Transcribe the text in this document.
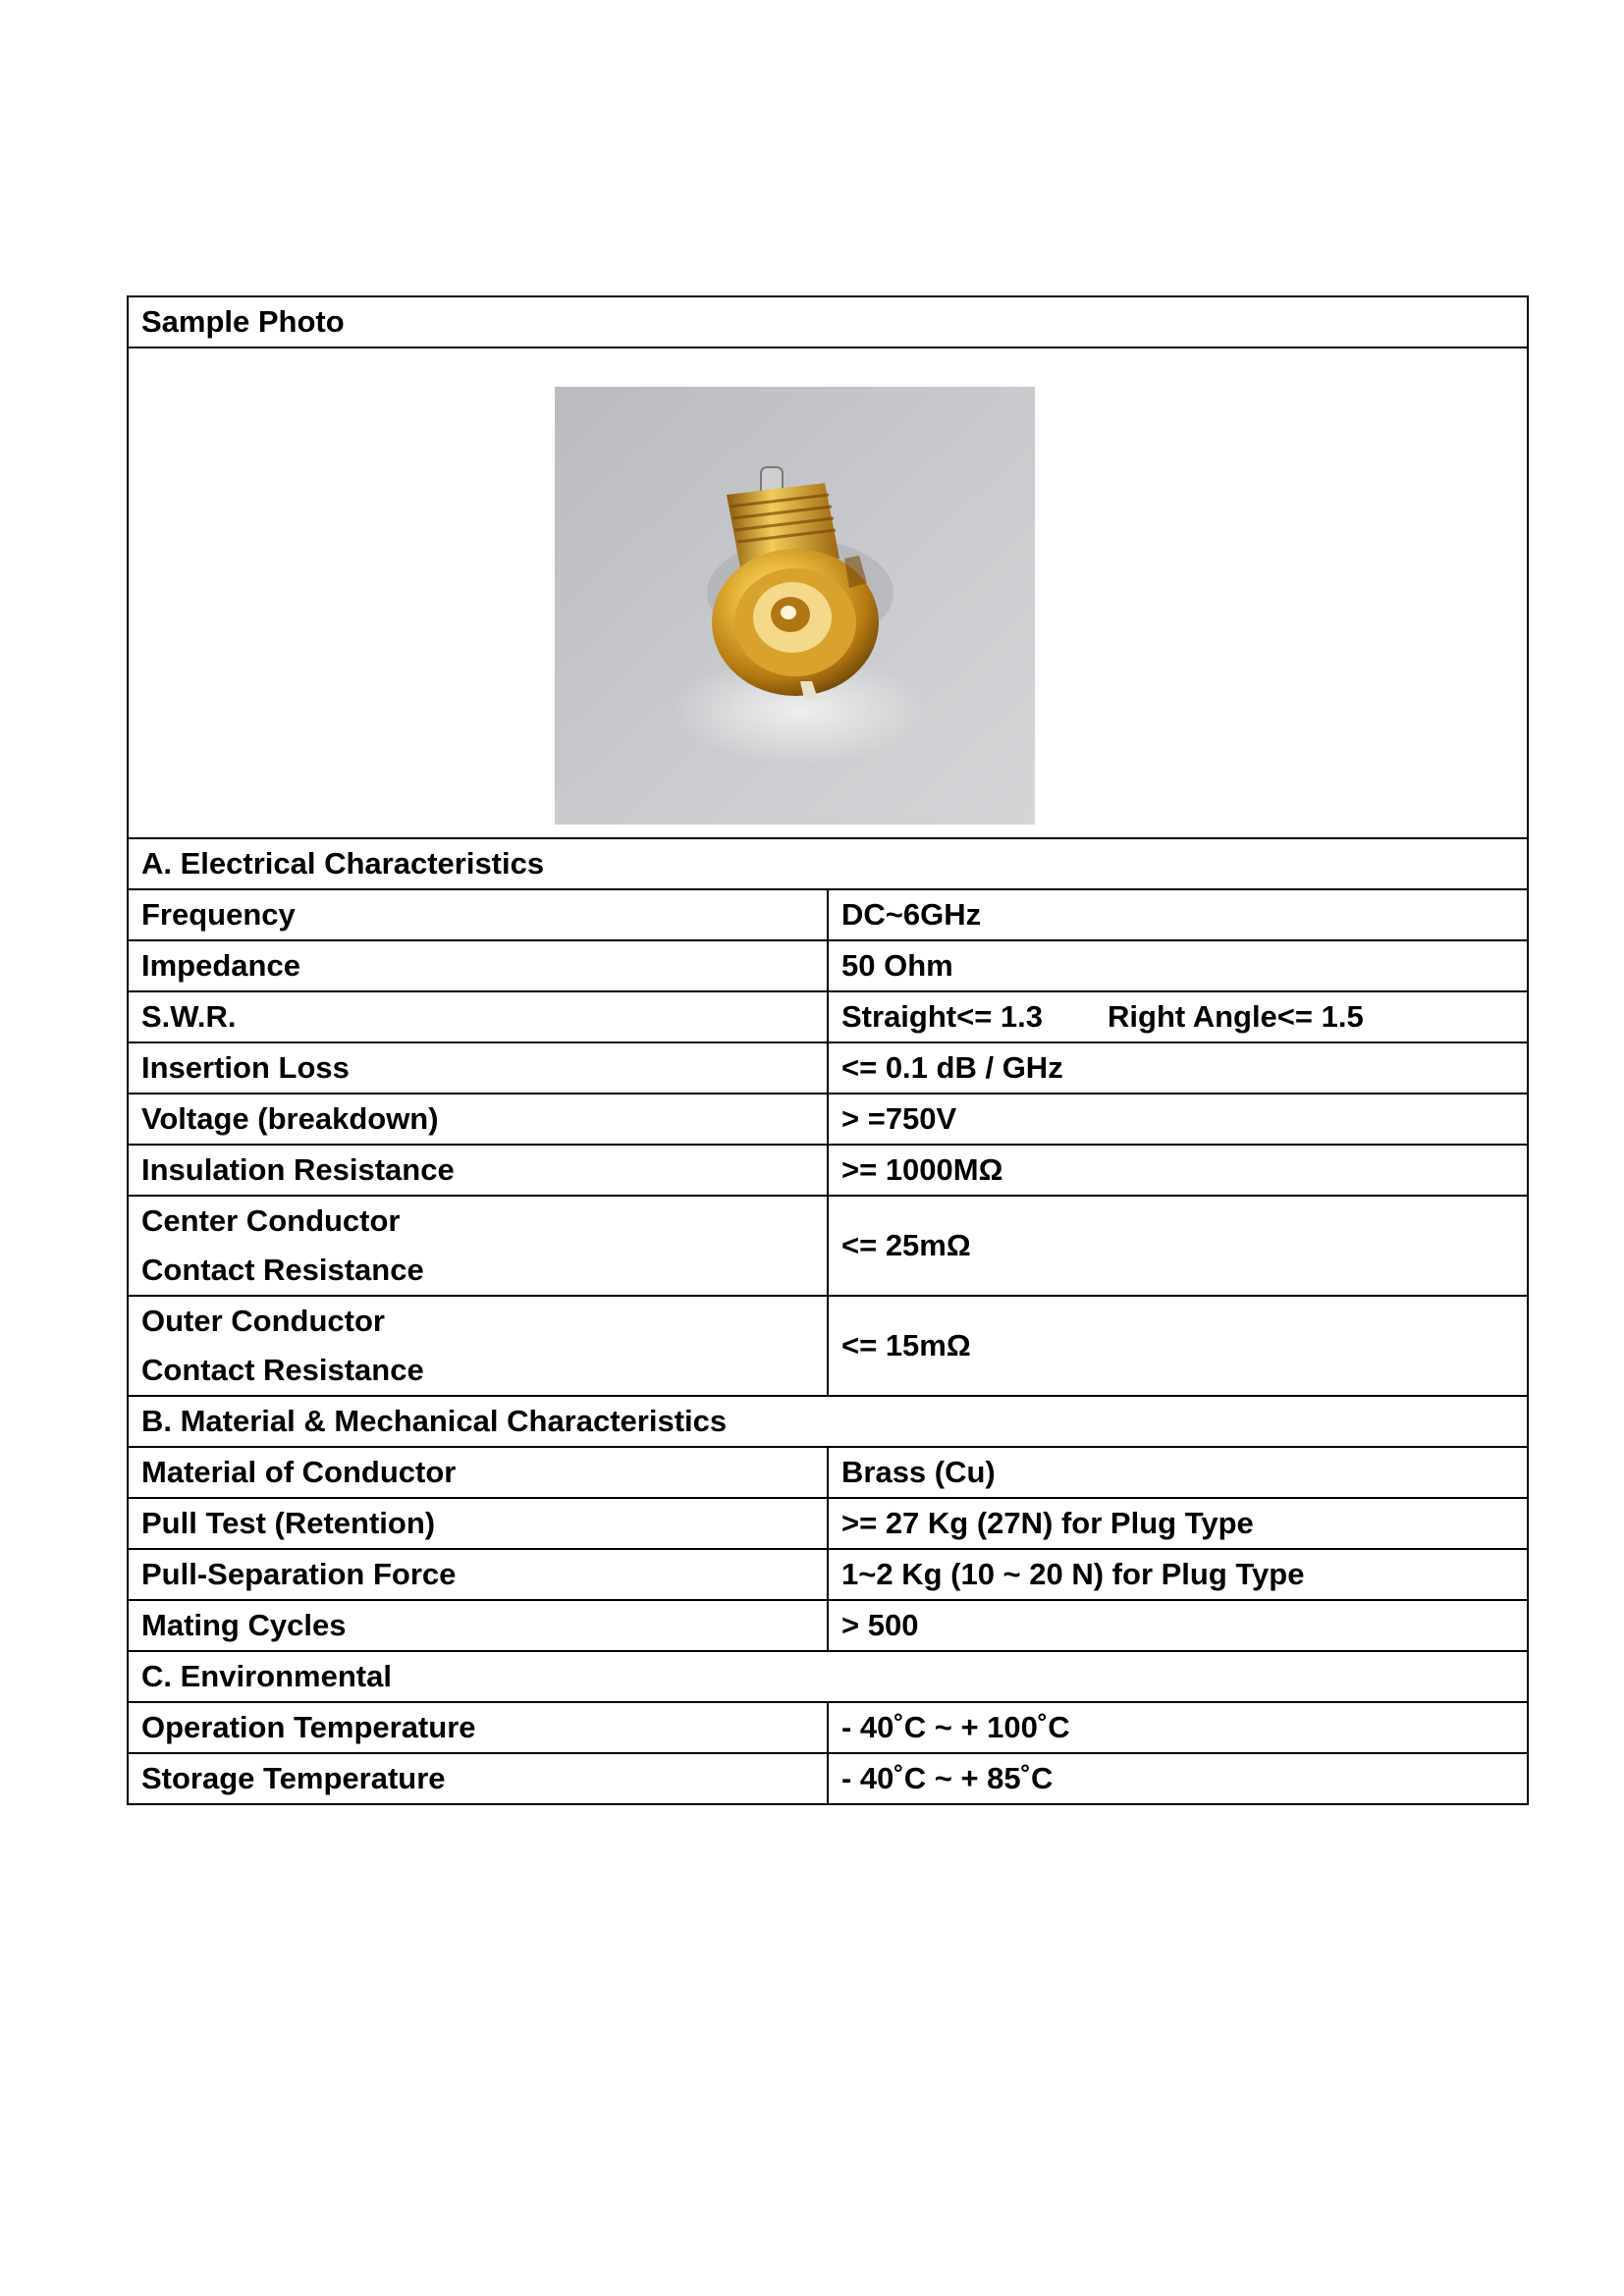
Sample Photo	

A. Electrical Characteristics	
Frequency	DC~6GHz
Impedance	50 Ohm
S.W.R.	Straight<= 1.3 Right Angle<= 1.5
Insertion Loss	<= 0.1 dB / GHz
Voltage (breakdown)	> =750V
Insulation Resistance	>= 1000MΩ

Center Conductor
Contact Resistance	<= 25mΩ

Outer Conductor
Contact Resistance	<= 15mΩ
B. Material & Mechanical Characteristics	
Material of Conductor	Brass (Cu)
Pull Test (Retention)	>= 27 Kg (27N) for Plug Type
Pull-Separation Force	1~2 Kg (10 ~ 20 N) for Plug Type
Mating Cycles	> 500
C. Environmental	
Operation Temperature	- 40˚C ~ + 100˚C
Storage Temperature	- 40˚C ~ + 85˚C
